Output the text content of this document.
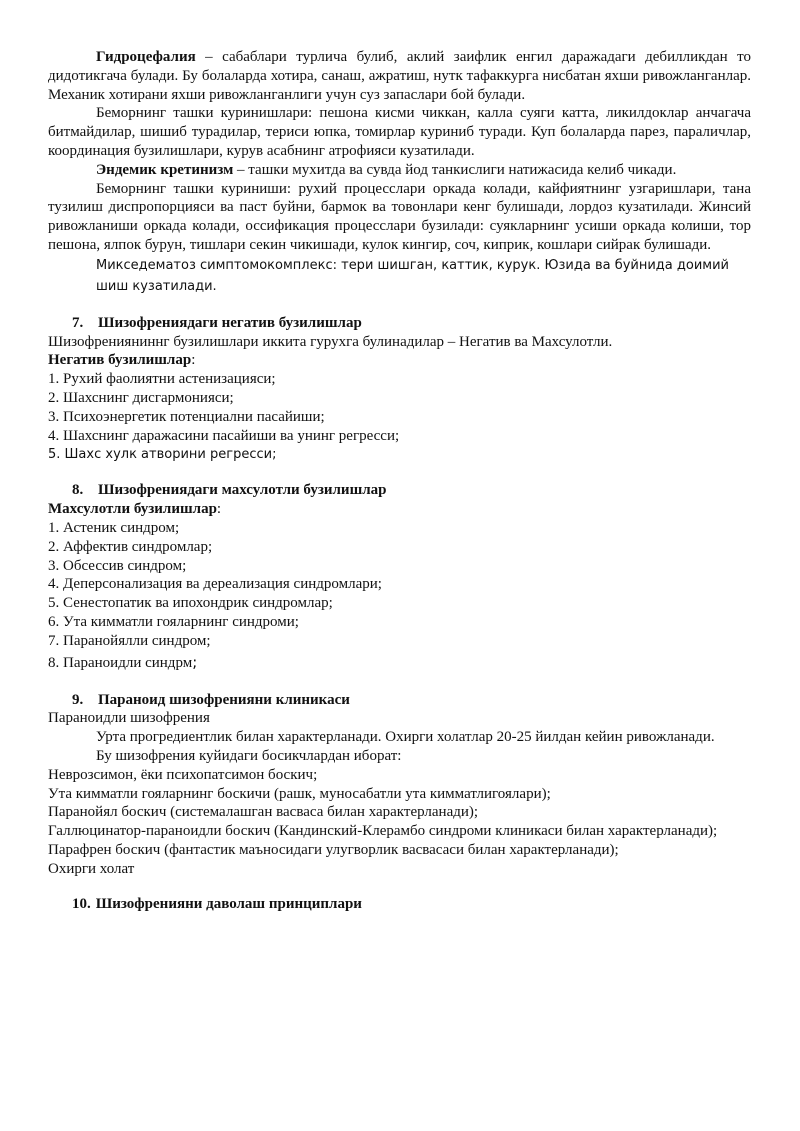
Гидроцефалия – сабаблари турлича булиб, аклий заифлик енгил даражадаги дебилликдан то дидотикгача булади. Бу болаларда хотира, санаш, ажратиш, нутк тафаккурга нисбатан яхши ривожланганлар. Механик хотирани яхши ривожланганлиги учун суз запаслари бой булади.

Беморнинг ташки куринишлари: пешона кисми чиккан, калла суяги катта, ликилдоклар анчагача битмайдилар, шишиб турадилар, териси юпка, томирлар куриниб туради. Куп болаларда парез, параличлар, координация бузилишлари, курув асабнинг атрофияси кузатилади.

Эндемик кретинизм – ташки мухитда ва сувда йод танкислиги натижасида келиб чикади.

Беморнинг ташки куриниши: рухий процесслари оркада колади, кайфиятнинг узгаришлари, тана тузилиш диспропорцияси ва паст буйни, бармок ва товонлари кенг булишади, лордоз кузатилади. Жинсий ривожланиши оркада колади, оссификация процесслари бузилади: суякларнинг усиши оркада колиши, тор пешона, ялпок бурун, тишлари секин чикишади, кулок кингир, соч, киприк, кошлари сийрак булишади.

Микседематоз симптомокомплекс: тери шишган, каттик, курук. Юзида ва буйнида доимий шиш кузатилади.

7. Шизофрениядаги негатив бузилишлар

Шизофренияниннг бузилишлари иккита гурухга булинадилар – Негатив ва Махсулотли.

Негатив бузилишлар:

1. Рухий фаолиятни астенизацияси;

2. Шахснинг дисгармонияси;

3. Психоэнергетик потенциални пасайиши;

4. Шахснинг даражасини пасайиши ва унинг регресси;

5. Шахс хулк атворини регресси;

8. Шизофрениядаги махсулотли бузилишлар

Махсулотли бузилишлар:

1. Астеник синдром;

2. Аффектив синдромлар;

3. Обсессив синдром;

4. Деперсонализация ва дереализация синдромлари;

5. Сенестопатик ва ипохондрик синдромлар;

6. Ута кимматли гояларнинг синдроми;

7. Паранойялли синдром;

8. Параноидли синдрм;

9. Параноид шизофренияни клиникаси

Параноидли шизофрения

Урта прогредиентлик билан характерланади. Охирги холатлар 20-25 йилдан кейин ривожланади.

Бу шизофрения куйидаги босикчлардан иборат:

Неврозсимон, ёки психопатсимон боскич;

Ута кимматли гояларнинг боскичи (рашк, муносабатли ута кимматлигоялари);

Паранойял боскич (системалашган васваса билан характерланади);

Галлюцинатор-параноидли боскич (Кандинский-Клерамбо синдроми клиникаси билан характерланади);

Парафрен боскич (фантастик маъносидаги улугворлик васвасаси билан характерланади);

Охирги холат

10. Шизофренияни даволаш принциплари
